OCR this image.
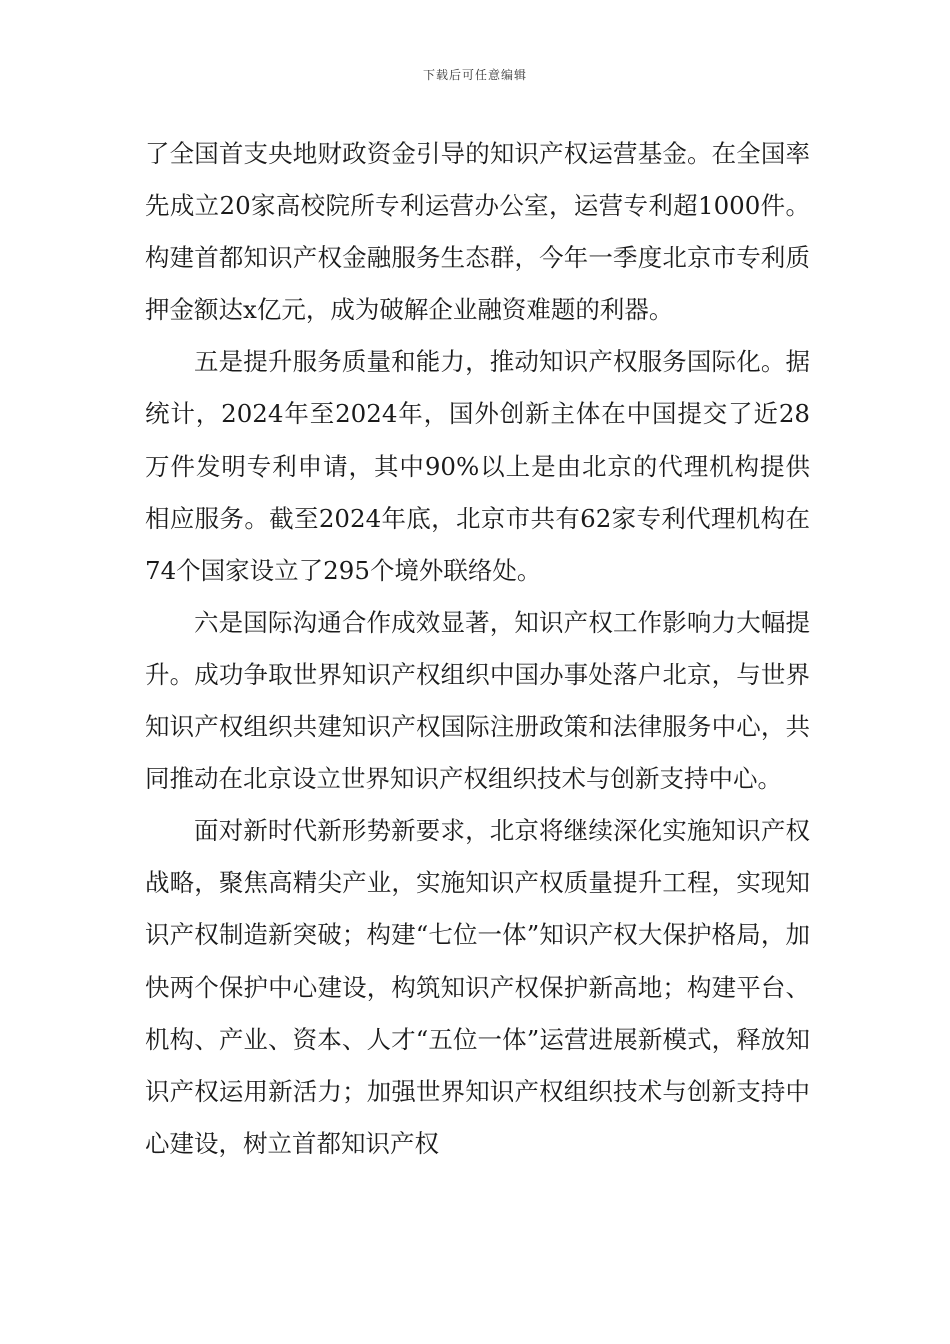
下载后可任意编辑

了全国首支央地财政资金引导的知识产权运营基金。在全国率先成立20家高校院所专利运营办公室，运营专利超1000件。构建首都知识产权金融服务生态群，今年一季度北京市专利质押金额达x亿元，成为破解企业融资难题的利器。

五是提升服务质量和能力，推动知识产权服务国际化。据统计，2024年至2024年，国外创新主体在中国提交了近28万件发明专利申请，其中90%以上是由北京的代理机构提供相应服务。截至2024年底，北京市共有62家专利代理机构在74个国家设立了295个境外联络处。

六是国际沟通合作成效显著，知识产权工作影响力大幅提升。成功争取世界知识产权组织中国办事处落户北京，与世界知识产权组织共建知识产权国际注册政策和法律服务中心，共同推动在北京设立世界知识产权组织技术与创新支持中心。

面对新时代新形势新要求，北京将继续深化实施知识产权战略，聚焦高精尖产业，实施知识产权质量提升工程，实现知识产权制造新突破；构建“七位一体”知识产权大保护格局，加快两个保护中心建设，构筑知识产权保护新高地；构建平台、机构、产业、资本、人才“五位一体”运营进展新模式，释放知识产权运用新活力；加强世界知识产权组织技术与创新支持中心建设，树立首都知识产权
